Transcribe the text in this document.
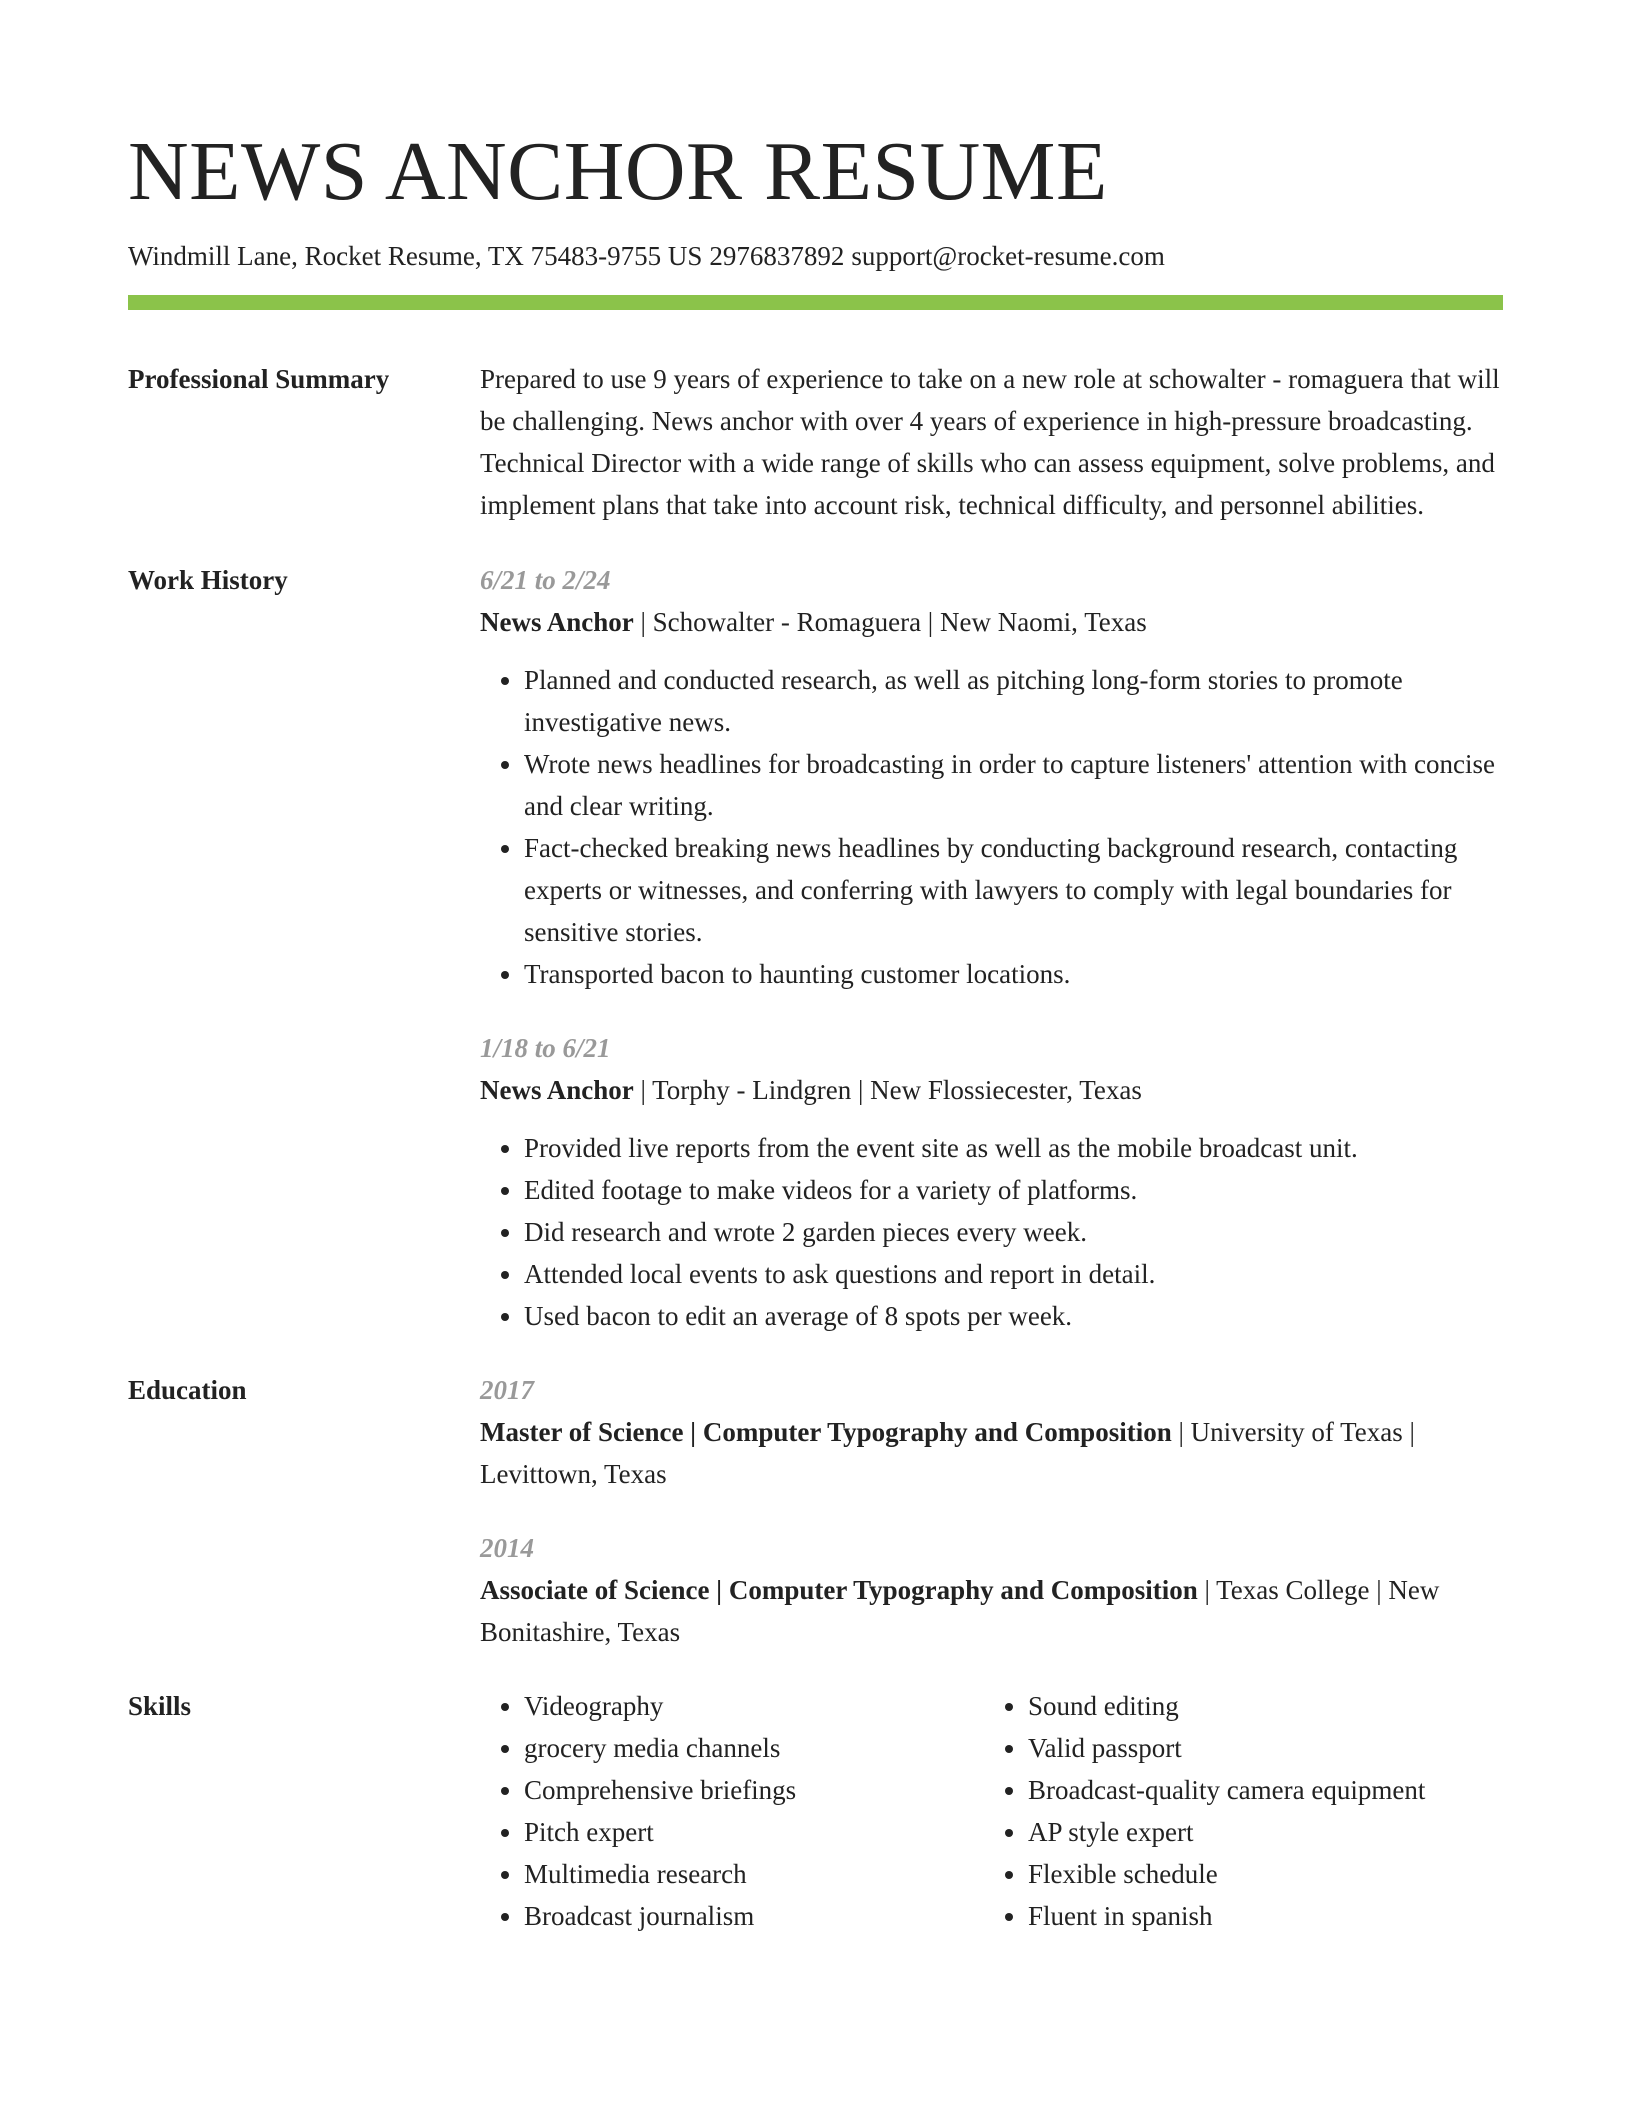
NEWS ANCHOR RESUME
Windmill Lane, Rocket Resume, TX 75483-9755 US 2976837892 support@rocket-resume.com
Professional Summary	Prepared to use 9 years of experience to take on a new role at schowalter - romaguera that will be challenging. News anchor with over 4 years of experience in high-pressure broadcasting. Technical Director with a wide range of skills who can assess equipment, solve problems, and implement plans that take into account risk, technical difficulty, and personnel abilities.
Work History	6/21 to 2/24
News Anchor | Schowalter - Romaguera | New Naomi, Texas
• Planned and conducted research, as well as pitching long-form stories to promote investigative news.
• Wrote news headlines for broadcasting in order to capture listeners' attention with concise and clear writing.
• Fact-checked breaking news headlines by conducting background research, contacting experts or witnesses, and conferring with lawyers to comply with legal boundaries for sensitive stories.
• Transported bacon to haunting customer locations.
1/18 to 6/21
News Anchor | Torphy - Lindgren | New Flossiecester, Texas
• Provided live reports from the event site as well as the mobile broadcast unit.
• Edited footage to make videos for a variety of platforms.
• Did research and wrote 2 garden pieces every week.
• Attended local events to ask questions and report in detail.
• Used bacon to edit an average of 8 spots per week.
Education	2017
Master of Science | Computer Typography and Composition | University of Texas | Levittown, Texas
2014
Associate of Science | Computer Typography and Composition | Texas College | New Bonitashire, Texas
Skills
•	Videography
• grocery media channels
• Comprehensive briefings
• Pitch expert
• Multimedia research
• Broadcast journalism
• Sound editing
• Valid passport
• Broadcast-quality camera equipment
• AP style expert
• Flexible schedule
• Fluent in spanish
